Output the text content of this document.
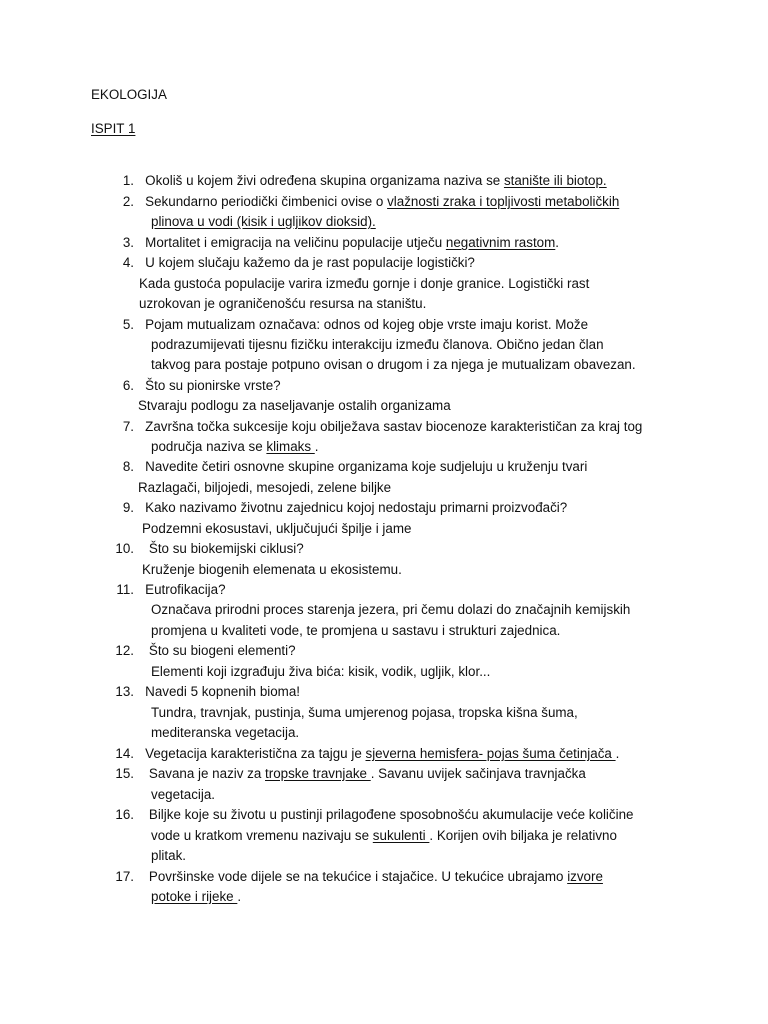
EKOLOGIJA
ISPIT 1
1. Okoliš u kojem živi određena skupina organizama naziva se stanište ili biotop.
2. Sekundarno periodički čimbenici ovise o vlažnosti zraka i topljivosti metaboličkih
plinova u vodi (kisik i ugljikov dioksid).
3. Mortalitet i emigracija na veličinu populacije utječu negativnim rastom.
4. U kojem slučaju kažemo da je rast populacije logistički?
Kada gustoća populacije varira između gornje i donje granice. Logistički rast
uzrokovan je ograničenošću resursa na staništu.
5. Pojam mutualizam označava: odnos od kojeg obje vrste imaju korist. Može
podrazumijevati tijesnu fizičku interakciju između članova. Obično jedan član
takvog para postaje potpuno ovisan o drugom i za njega je mutualizam obavezan.
6. Što su pionirske vrste?
Stvaraju podlogu za naseljavanje ostalih organizama
7. Završna točka sukcesije koju obilježava sastav biocenoze karakterističan za kraj tog
područja naziva se klimaks .
8. Navedite četiri osnovne skupine organizama koje sudjeluju u kruženju tvari
Razlagači, biljojedi, mesojedi, zelene biljke
9. Kako nazivamo životnu zajednicu kojoj nedostaju primarni proizvođači?
Podzemni ekosustavi, uključujući špilje i jame
10.    Što su biokemijski ciklusi?
Kruženje biogenih elemenata u ekosistemu.
11. Eutrofikacija?
Označava prirodni proces starenja jezera, pri čemu dolazi do značajnih kemijskih
promjena u kvaliteti vode, te promjena u sastavu i strukturi zajednica.
12.    Što su biogeni elementi?
Elementi koji izgrađuju živa bića: kisik, vodik, ugljik, klor...
13. Navedi 5 kopnenih bioma!
Tundra, travnjak, pustinja, šuma umjerenog pojasa, tropska kišna šuma,
mediteranska vegetacija.
14. Vegetacija karakteristična za tajgu je sjeverna hemisfera- pojas šuma četinjača .
15.    Savana je naziv za tropske travnjake . Savanu uvijek sačinjava travnjačka
vegetacija.
16.    Biljke koje su životu u pustinji prilagođene sposobnošću akumulacije veće količine
vode u kratkom vremenu nazivaju se sukulenti . Korijen ovih biljaka je relativno
plitak.
17.    Površinske vode dijele se na tekućice i stajačice. U tekućice ubrajamo izvore
potoke i rijeke .
